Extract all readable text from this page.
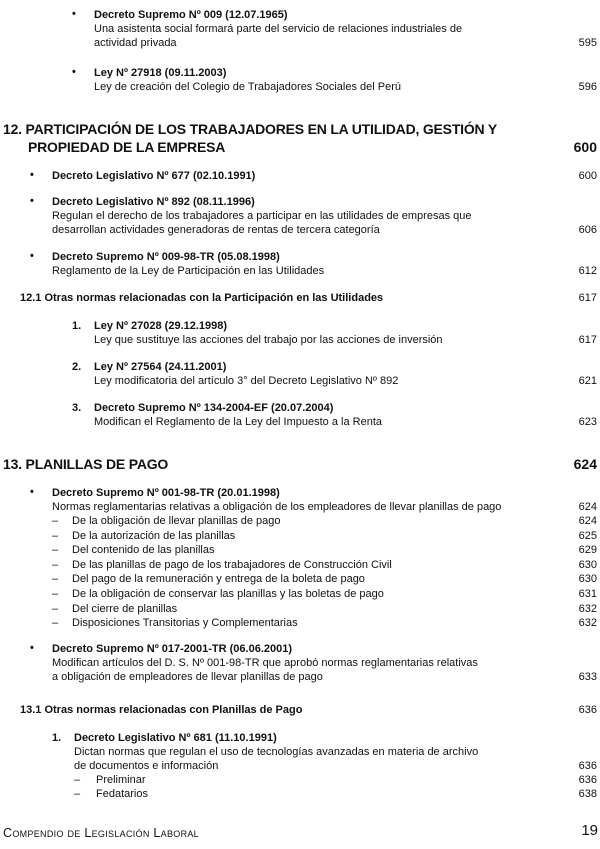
• Decreto Supremo Nº 009 (12.07.1965)
Una asistenta social formará parte del servicio de relaciones industriales de
actividad privada	595
• Ley Nº 27918 (09.11.2003)
Ley de creación del Colegio de Trabajadores Sociales del Perú	596
12. PARTICIPACIÓN DE LOS TRABAJADORES EN LA UTILIDAD, GESTIÓN Y
PROPIEDAD DE LA EMPRESA	600
• Decreto Legislativo Nº 677 (02.10.1991)	600
• Decreto Legislativo Nº 892 (08.11.1996)
Regulan el derecho de los trabajadores a participar en las utilidades de empresas que
desarrollan actividades generadoras de rentas de tercera categoría	606
• Decreto Supremo Nº 009-98-TR (05.08.1998)
Reglamento de la Ley de Participación en las Utilidades	612
12.1 Otras normas relacionadas con la Participación en las Utilidades	617
1. Ley Nº 27028 (29.12.1998)
Ley que sustituye las acciones del trabajo por las acciones de inversión	617
2. Ley Nº 27564 (24.11.2001)
Ley modificatoria del artículo 3° del Decreto Legislativo Nº 892	621
3. Decreto Supremo Nº 134-2004-EF (20.07.2004)
Modifican el Reglamento de la Ley del Impuesto a la Renta	623
13. PLANILLAS DE PAGO	624
• Decreto Supremo Nº 001-98-TR (20.01.1998)
Normas reglamentarias relativas a obligación de los empleadores de llevar planillas de pago	624
– De la obligación de llevar planillas de pago	624
– De la autorización de las planillas	625
– Del contenido de las planillas	629
– De las planillas de pago de los trabajadores de Construcción Civil	630
– Del pago de la remuneración y entrega de la boleta de pago	630
– De la obligación de conservar las planillas y las boletas de pago	631
– Del cierre de planillas	632
– Disposiciones Transitorias y Complementarias	632
• Decreto Supremo Nº 017-2001-TR (06.06.2001)
Modifican artículos del D. S. Nº 001-98-TR que aprobó normas reglamentarias relativas
a obligación de empleadores de llevar planillas de pago	633
13.1 Otras normas relacionadas con Planillas de Pago	636
1. Decreto Legislativo Nº 681 (11.10.1991)
Dictan normas que regulan el uso de tecnologías avanzadas en materia de archivo
de documentos e información	636
– Preliminar	636
– Fedatarios	638
Compendio de Legislación Laboral	19
